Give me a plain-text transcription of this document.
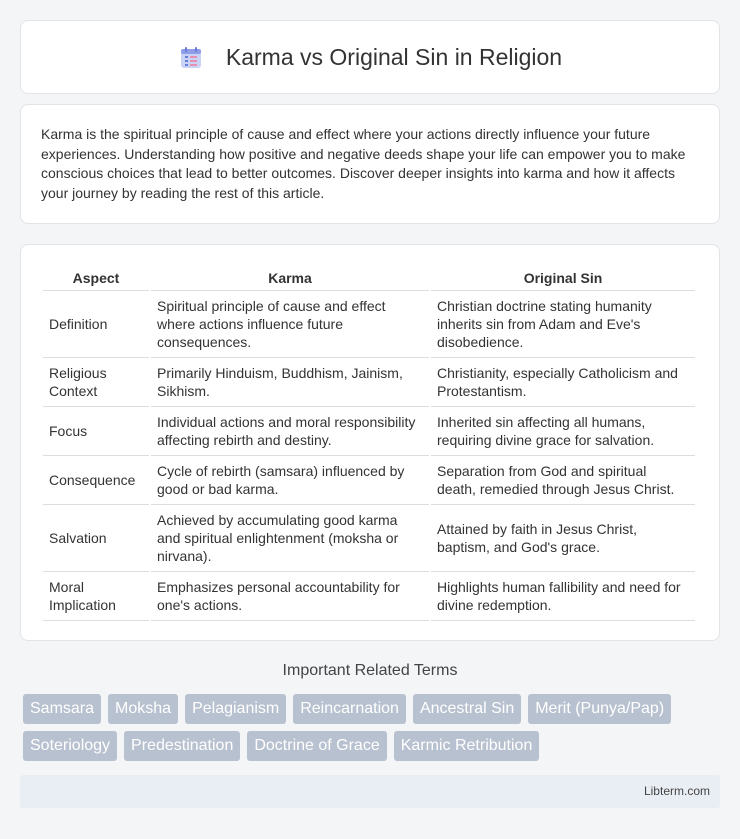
Karma vs Original Sin in Religion

Karma is the spiritual principle of cause and effect where your actions directly influence your future experiences. Understanding how positive and negative deeds shape your life can empower you to make conscious choices that lead to better outcomes. Discover deeper insights into karma and how it affects your journey by reading the rest of this article.

Aspect	Karma	Original Sin
Definition	Spiritual principle of cause and effect where actions influence future consequences.	Christian doctrine stating humanity inherits sin from Adam and Eve's disobedience.
Religious Context	Primarily Hinduism, Buddhism, Jainism, Sikhism.	Christianity, especially Catholicism and Protestantism.
Focus	Individual actions and moral responsibility affecting rebirth and destiny.	Inherited sin affecting all humans, requiring divine grace for salvation.
Consequence	Cycle of rebirth (samsara) influenced by good or bad karma.	Separation from God and spiritual death, remedied through Jesus Christ.
Salvation	Achieved by accumulating good karma and spiritual enlightenment (moksha or nirvana).	Attained by faith in Jesus Christ, baptism, and God's grace.
Moral Implication	Emphasizes personal accountability for one's actions.	Highlights human fallibility and need for divine redemption.
Important Related Terms
Samsara	Moksha	Pelagianism	Reincarnation	Ancestral Sin	Merit (Punya/Pap)
Soteriology	Predestination	Doctrine of Grace	Karmic Retribution
Libterm.com
